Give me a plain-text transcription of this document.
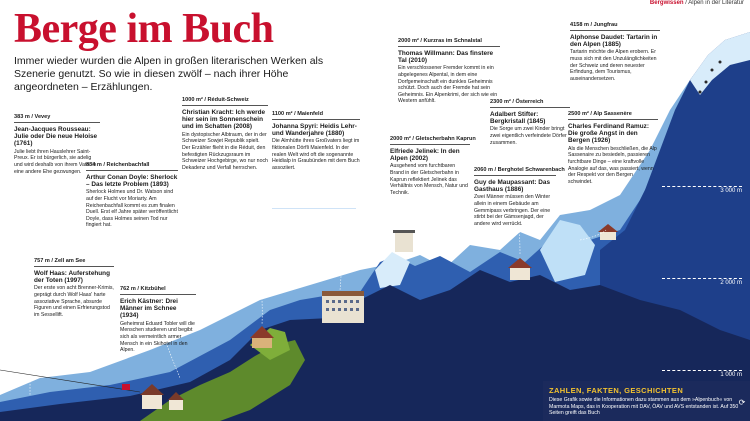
Bergwissen / Alpen in der Literatur
Berge im Buch
Immer wieder wurden die Alpen in großen literarischen Werken als Szenerie genutzt. So wie in diesen zwölf – nach ihrer Höhe angeordneten – Erzählungen.
383 m / Vevey
Jean-Jacques Rousseau: Julie oder Die neue Heloise (1761)
Julie liebt ihren Hauslehrer Saint-Preux. Er ist bürgerlich, sie adelig und wird deshalb von ihrem Vater in eine andere Ehe gezwungen.
834 m / Reichenbachfall
Arthur Conan Doyle: Sherlock – Das letzte Problem (1893)
Sherlock Holmes und Dr. Watson sind auf der Flucht vor Moriarty. Am Reichenbachfall kommt es zum finalen Duell. Erst elf Jahre später veröffentlicht Doyle, dass Holmes seinen Tod nur fingiert hat.
1000 m² / Réduit-Schweiz
Christian Kracht: Ich werde hier sein im Sonnenschein und im Schatten (2008)
Ein dystopischer Albtraum, der in der Schweizer Sowjet Republik spielt. Der Erzähler flieht in die Réduit, den befestigten Rückzugsraum im Schweizer Hochgebirge, wo nur noch Dekadenz und Verfall herrschen.
1100 m² / Maienfeld
Johanna Spyri: Heidis Lehr- und Wanderjahre (1880)
Die Almhütte ihres Großvaters liegt im fiktionalen Dörfli Maienfeld. In der realen Welt wird oft die sogenannte Heidialp in Graubünden mit dem Buch assoziiert.
2000 m² / Kurzras im Schnalstal
Thomas Willmann: Das finstere Tal (2010)
Ein verschlossener Fremder kommt in ein abgelegenes Alpental, in dem eine Dorfgemeinschaft ein dunkles Geheimnis schützt. Doch auch der Fremde hat sein Geheimnis. Ein Alpenkrimi, der sich wie ein Western anfühlt.
1861 m / Sanatorium Schatzalp
Thomas Mann: Der Zauberberg (1924)
Nur drei Wochen möchte Hans Castorp in Davos verbringen, bleibt aber sieben Jahre. Ein Meisterwerk der Stilvirtuosität und einer der ersten modernen Romane
2000 m² / Gletscherbahn Kaprun
Elfriede Jelinek: In den Alpen (2002)
Ausgehend vom furchtbaren Brand in der Gletscherbahn in Kaprun reflektiert Jelinek das Verhältnis von Mensch, Natur und Technik.
2300 m² / Österreich
Adalbert Stifter: Bergkristall (1845)
Die Sorge um zwei Kinder bringt zwei eigentlich verfeindete Dörfer zusammen.
2060 m / Berghotel Schwarenbach
Guy de Maupassant: Das Gasthaus (1886)
Zwei Männer müssen den Winter allein in einem Gebäude am Gemmipass verbringen. Der eine stirbt bei der Gämsenjagd, der andere wird verrückt.
4158 m / Jungfrau
Alphonse Daudet: Tartarin in den Alpen (1885)
Tartarin möchte die Alpen erobern. Er muss sich mit den Unzulänglichkeiten der Schweiz und deren neuester Erfindung, dem Tourismus, auseinandersetzen.
2500 m² / Alp Sassenère
Charles Ferdinand Ramuz: Die große Angst in den Bergen (1926)
Als die Menschen beschließen, die Alp Sassenaire zu besiedeln, passieren furchtbare Dinge – eine kraftvolle Analogie auf das, was passiert, wenn der Respekt vor den Bergen schwindet.
757 m / Zell am See
Wolf Haas: Auferstehung der Toten (1997)
Der erste von acht Brenner-Krimis, geprägt durch Wolf Haas' harte assoziative Sprache, absurde Figuren und einen Erfrierungstod im Sessellift.
762 m / Kitzbühel
Erich Kästner: Drei Männer im Schnee (1934)
Geheimrat Eduard Tobler will die Menschen studieren und begibt sich als vermeintlich armer Mensch in ein Skihotel in den Alpen.
3 000 m
2 000 m
1 000 m
ZAHLEN, FAKTEN, GESCHICHTEN
Diese Grafik sowie die Informationen dazu stammen aus dem »Alpenbuch« von Marmota Maps, das in Kooperation mit DAV, ÖAV und AVS entstanden ist. Auf 350 Seiten greift das Buch
⟳
